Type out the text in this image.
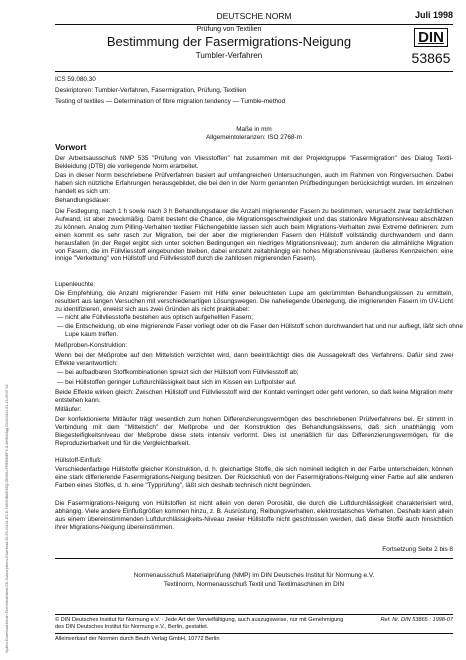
Sydlex-Download-Beuth-Tech/Ideal/Ideal-GK-Subscriptions-Download-ID-Z9-44101-ES-D-Ya5VUBb5r9ZQ-GB9SU-FREEBIEFY-I1JbHB4Oqq-DI#2/2024-03-13-09:07:42
DEUTSCHE NORM	Juli 1998
Prüfung von Textilien
Bestimmung der Fasermigrations-Neigung
Tumbler-Verfahren
DIN
53865
ICS 59.080.30
Deskriptoren: Tumbler-Verfahren, Fasermigration, Prüfung, Textilien
Testing of textiles — Determination of fibre migration tendency — Tumble-method
Maße in mm
Allgemeintoleranzen: ISO 2768-m
Vorwort
Der Arbeitsausschuß NMP 535 "Prüfung von Vliesstoffen" hat zusammen mit der Projektgruppe "Fasermigration" des Dialog Textil-Bekleidung (DTB) die vorliegende Norm erarbeitet.
Das in dieser Norm beschriebene Prüfverfahren basiert auf umfangreichen Untersuchungen, auch im Rahmen von Ringversuchen. Dabei haben sich nützliche Erfahrungen herausgebildet, die bei den in der Norm genannten Prüfbedingungen berücksichtigt wurden. Im einzelnen handelt es sich um:
Behandlungsdauer:
Die Festlegung, nach 1 h sowie nach 3 h Behandlungsdauer die Anzahl migrierender Fasern zu bestimmen, verursacht zwar beträchtlichen Aufwand, ist aber zweckmäßig. Damit besteht die Chance, die Migrationsgeschwindigkeit und das stationäre Migrationsniveau abschätzen zu können. Analog zum Pilling-Verhalten textiler Flächengebilde lassen sich auch beim Migrations-Verhalten zwei Extreme definieren: zum einen kommt es sehr rasch zur Migration, bei der aber die migrierenden Fasern den Hüllstoff vollständig durchwandern und dann herausfallen (in der Regel ergibt sich unter solchen Bedingungen ein niedriges Migrationsniveau); zum anderen die allmähliche Migration von Fasern, die im Füllvliesstoff eingebunden bleiben, dabei entsteht zeitabhängig ein hohes Migrationsniveau (äußeres Kennzeichen: eine innige "Verkettung" von Hüllstoff und Füllvliesstoff durch die zahllosen migrierenden Fasern).
Lupenleuchte:
Die Empfehlung, die Anzahl migrierender Fasern mit Hilfe einer beleuchteten Lupe am gekrümmten Behandlungskissen zu ermitteln, resultiert aus langen Versuchen mit verschiedenartigen Lösungswegen. Die naheliegende Überlegung, die migrierenden Fasern im UV-Licht zu identifizieren, erweist sich aus zwei Gründen als nicht praktikabel:
— nicht alle Füllvliesstoffe bestehen aus optisch aufgehellten Fasern;
— die Entscheidung, ob eine migrierende Faser vorliegt oder ob die Faser den Hüllstoff schon durchwandert hat und nur aufliegt, läßt sich ohne Lupe kaum treffen.
Meßproben-Konstruktion:
Wenn bei der Meßprobe auf den Mittelstich verzichtet wird, dann beeinträchtigt dies die Aussagekraft des Verfahrens. Dafür sind zwei Effekte verantwortlich:
— bei aufbadbaren Stoffkombinationen spreizt sich der Hüllstoff vom Füllvliesstoff ab;
— bei Hüllstoffen geringer Luftdurchlässigkeit baut sich im Kissen ein Luftpolster auf.
Beide Effekte wirken gleich: Zwischen Hüllstoff und Füllvliesstoff wird der Kontakt verringert oder geht verloren, so daß keine Migration mehr entstehen kann.
Mitläufer:
Der konfektionierte Mitläufer trägt wesentlich zum hohen Differenzierungsvermögen des beschriebenen Prüfverfahrens bei. Er stimmt in Verbindung mit dem "Mittelstich" der Meßprobe und der Konstruktion des Behandlungskissens, daß sich unabhängig vom Biegesteifigkeitsniveau der Meßprobe diese stets intensiv verformt. Dies ist unerläßlich für das Differenzierungsvermögen, für die Reproduzierbarkeit und für die Vergleichbarkeit.
Hüllstoff-Einfluß:
Verschiedenfarbige Hüllstoffe gleicher Konstruktion, d. h. gleichartige Stoffe, die sich nominell lediglich in der Farbe unterscheiden, können eine stark differierende Fasermigrations-Neigung besitzen. Der Rückschluß von der Fasermigrations-Neigung einer Farbe auf alle anderen Farben eines Stoffes, d. h. eine "Typprüfung", läßt sich deshalb technisch nicht begründen.
Die Fasermigrations-Neigung von Hüllstoffen ist nicht allein von deren Porosität, die durch die Luftdurchlässigkeit charakterisiert wird, abhängig. Viele andere Einflußgrößen kommen hinzu, z. B. Ausrüstung, Reibungsverhalten, elektrostatisches Verhalten. Deshalb kann allein aus einem übereinstimmenden Luftdurchlässigkeits-Niveau zweier Hüllstoffe nicht geschlossen werden, daß diese Stoffe auch hinsichtlich ihrer Migrations-Neigung übereinstimmen.
Fortsetzung Seite 2 bis 8
Normenausschuß Materialprüfung (NMP) im DIN Deutsches Institut für Normung e.V.
Textilnorm, Normenausschuß Textil und Textilmaschinen im DIN
© DIN Deutsches Institut für Normung e.V. · Jede Art der Vervielfältigung, auch auszugsweise, nur mit Genehmigung des DIN Deutsches Institut für Normung e.V., Berlin, gestattet.
Ref. Nr. DIN 53865 : 1998-07
Alleinverkauf der Normen durch Beuth Verlag GmbH, 10772 Berlin
